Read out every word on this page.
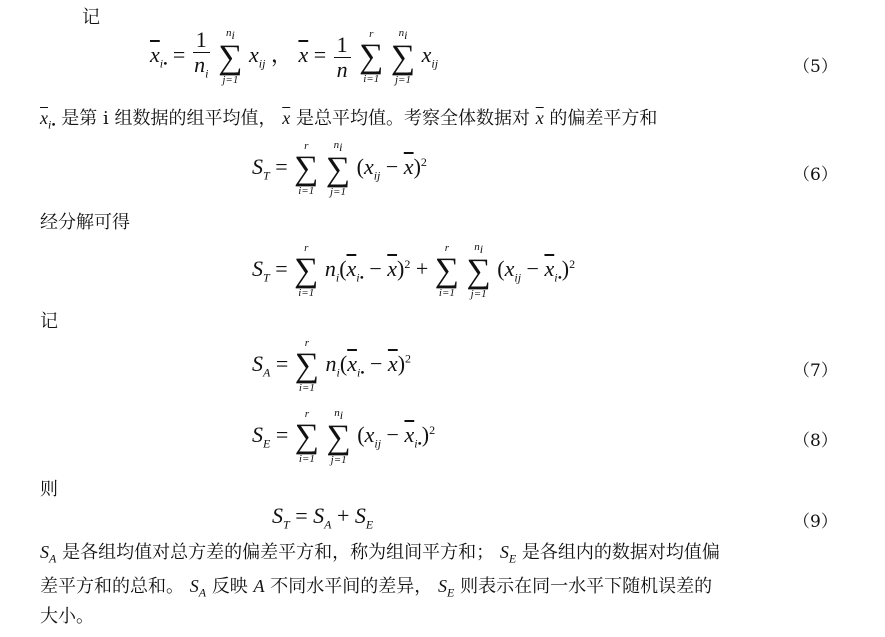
记
$\overline{x}_{i•} = \frac{1}{n_i}$
	$n_i$
∑
j=1
$x_{ij}$ ， $\overline{x} = \frac{1}{n}$
	r
∑
i=1

$n_i$
∑
j=1
$x_{ij}$	（5）
$\overline{x}_{i•}$ 是第 i 组数据的组平均值， $\overline{x}$ 是总平均值。考察全体数据对 $\overline{x}$ 的偏差平方和
$S_T$ =
r
∑
i=1

$n_i$
∑
j=1
$(x_{ij} - \overline{x})^2$
（6）
经分解可得
$S_T$ =
r
∑
i=1
$n_i(\overline{x}_{i•} - \overline{x})^2$ +
r
∑
i=1

$n_i$
∑
j=1
$(x_{ij} - \overline{x}_{i•})^2$
记
$S_A$ =
r
∑
i=1
$n_i(\overline{x}_{i•} - \overline{x})^2$
（7）
$S_E$ =
r
∑
i=1

$n_i$
∑
j=1
$(x_{ij} - \overline{x}_{i•})^2$
（8）
则
$S_T = S_A + S_E$	（9）
$S_A$ 是各组均值对总方差的偏差平方和，称为组间平方和； $S_E$ 是各组内的数据对均值偏
差平方和的总和。 $S_A$ 反映 A 不同水平间的差异， $S_E$ 则表示在同一水平下随机误差的
大小。
